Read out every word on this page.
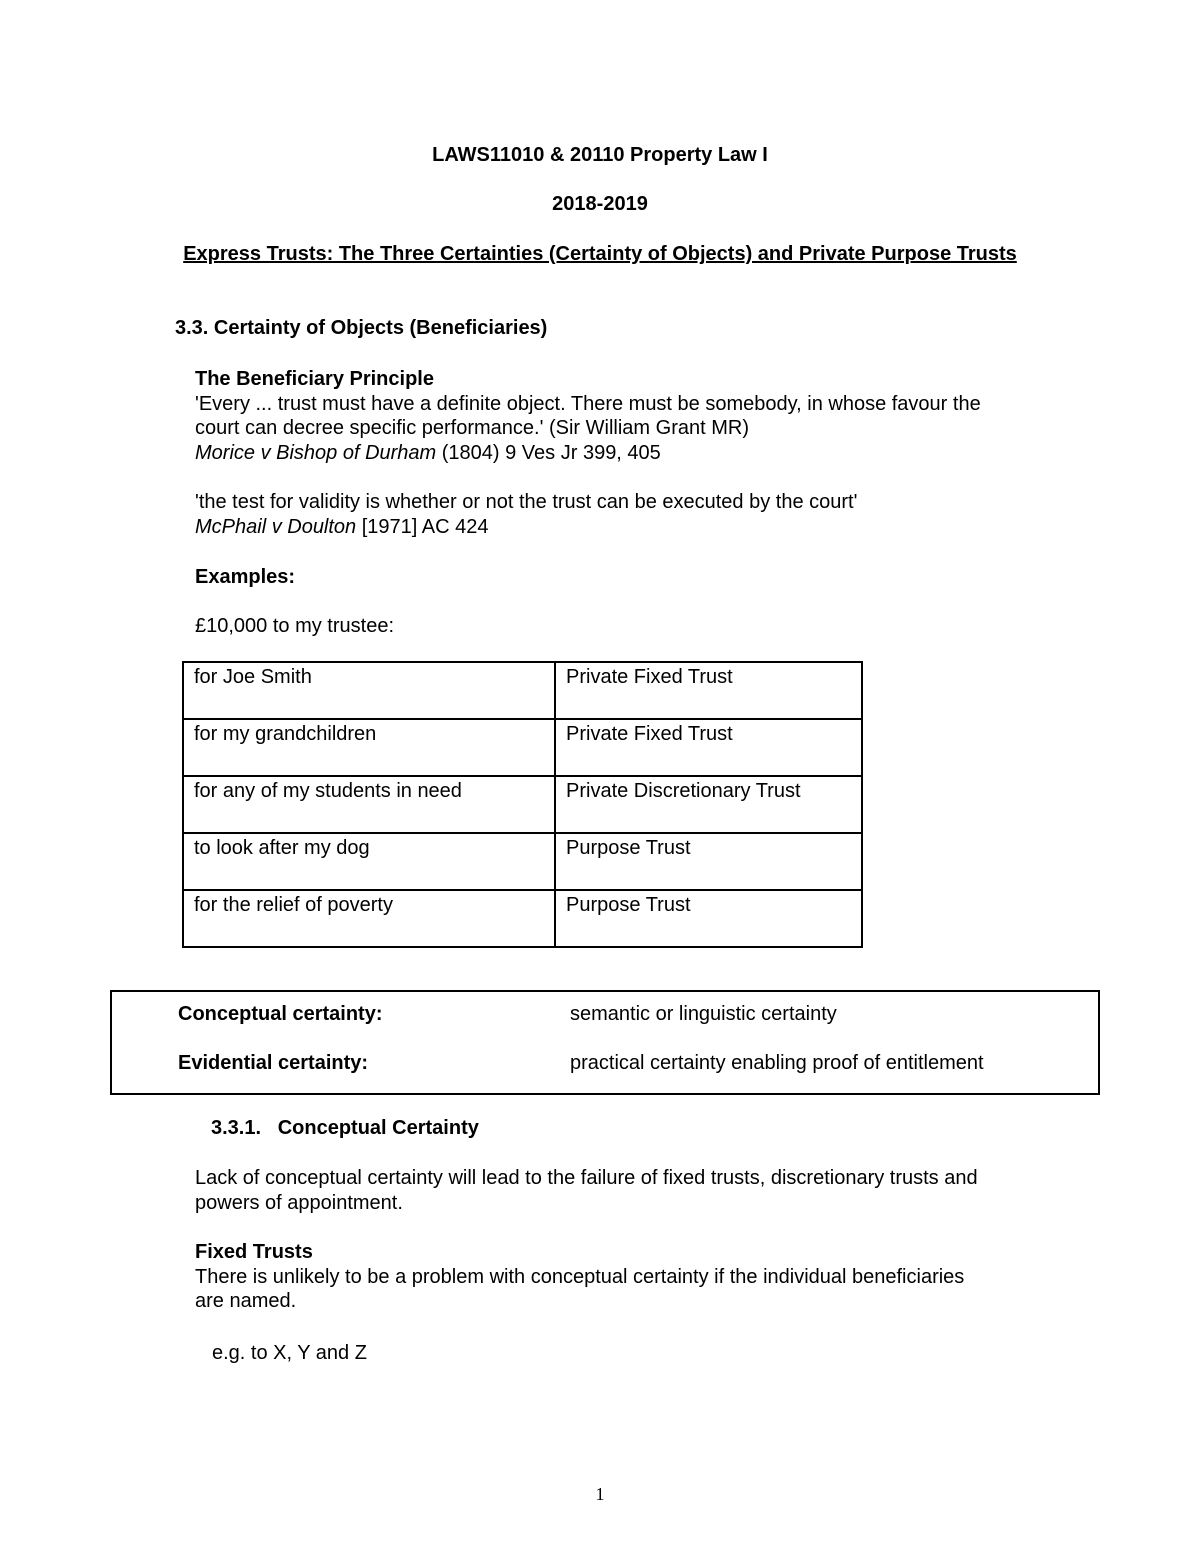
LAWS11010 & 20110 Property Law I
2018-2019
Express Trusts: The Three Certainties (Certainty of Objects) and Private Purpose Trusts
3.3. Certainty of Objects (Beneficiaries)
The Beneficiary Principle
'Every ... trust must have a definite object. There must be somebody, in whose favour the
court can decree specific performance.' (Sir William Grant MR)
Morice v Bishop of Durham (1804) 9 Ves Jr 399, 405
'the test for validity is whether or not the trust can be executed by the court'
McPhail v Doulton [1971] AC 424
Examples:
£10,000 to my trustee:
for Joe Smith	Private Fixed Trust
for my grandchildren	Private Fixed Trust
for any of my students in need	Private Discretionary Trust
to look after my dog	Purpose Trust
for the relief of poverty	Purpose Trust
Conceptual certainty:	semantic or linguistic certainty
Evidential certainty:	practical certainty enabling proof of entitlement
3.3.1.   Conceptual Certainty
Lack of conceptual certainty will lead to the failure of fixed trusts, discretionary trusts and
powers of appointment.
Fixed Trusts
There is unlikely to be a problem with conceptual certainty if the individual beneficiaries
are named.
e.g. to X, Y and Z
1
